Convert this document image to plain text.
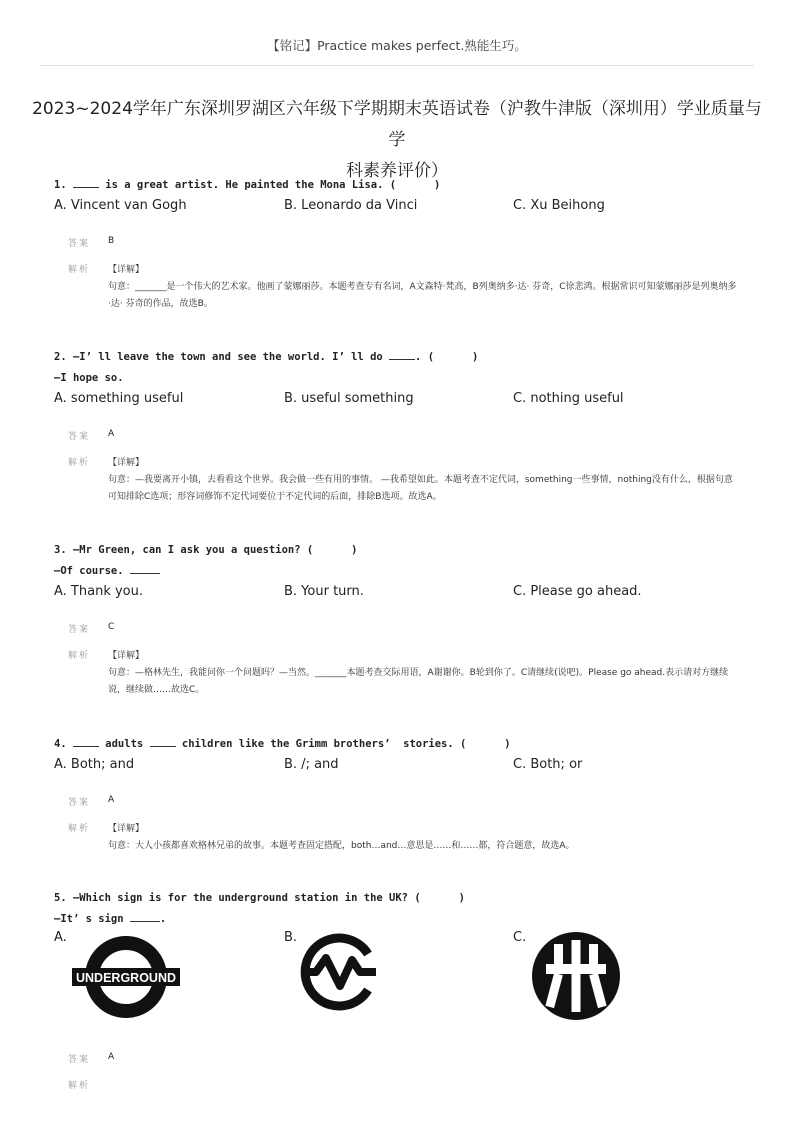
【铭记】Practice makes perfect.熟能生巧。
2023~2024学年广东深圳罗湖区六年级下学期期末英语试卷（沪教牛津版（深圳用）学业质量与学
科素养评价）
1.  is a great artist. He painted the Mona Lisa. (      )
A. Vincent van Gogh	B. Leonardo da Vinci	C. Xu Beihong
答案 B
解析 【详解】
句意：_______是一个伟大的艺术家。他画了蒙娜丽莎。本题考查专有名词，A文森特·梵高，B列奥纳多·达· 芬奇，C徐悲鸿。根据常识可知蒙娜丽莎是列奥纳多·达· 芬奇的作品，故选B。
2. —I’ ll leave the town and see the world. I’ ll do . (      )
—I hope so.
A. something useful	B. useful something	C. nothing useful
答案 A
解析 【详解】
句意：—我要离开小镇，去看看这个世界。我会做一些有用的事情。 —我希望如此。本题考查不定代词，something一些事情，nothing没有什么，根据句意可知排除C选项；形容词修饰不定代词要位于不定代词的后面，排除B选项。故选A。
3. —Mr Green, can I ask you a question? (      )
—Of course.
A. Thank you.	B. Your turn.	C. Please go ahead.
答案 C
解析 【详解】
句意：—格林先生，我能问你一个问题吗？—当然。_______本题考查交际用语，A谢谢你。B轮到你了。C请继续(说吧)。Please go ahead.表示请对方继续说，继续做……故选C。
4.  adults  children like the Grimm brothers’  stories. (      )
A. Both; and	B. /; and	C. Both; or
答案 A
解析 【详解】
句意：大人小孩都喜欢格林兄弟的故事。本题考查固定搭配，both…and…意思是……和……都，符合题意，故选A。
5. —Which sign is for the underground station in the UK? (      )
—It’ s sign	.
A.	B.	C.
UNDERGROUND
答案 A
解析
